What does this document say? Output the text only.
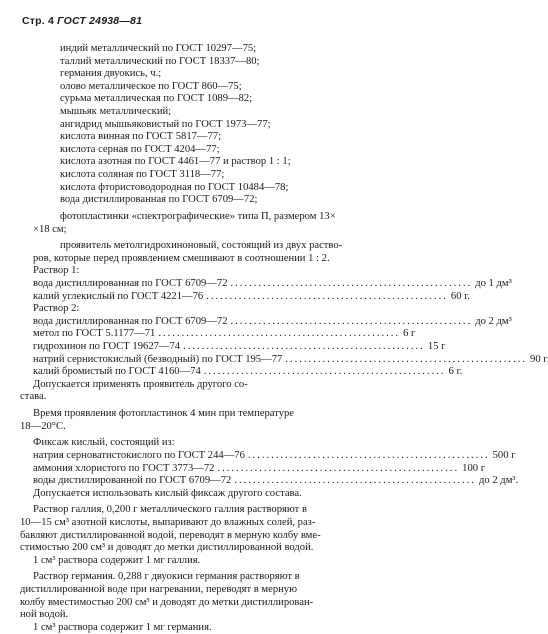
Стр. 4 ГОСТ 24938—81
индий металлический по ГОСТ 10297—75;
таллий металлический по ГОСТ 18337—80;
германия двуокись, ч.;
олово металлическое по ГОСТ 860—75;
сурьма металлическая по ГОСТ 1089—82;
мышьяк металлический;
ангидрид мышьяковистый по ГОСТ 1973—77;
кислота винная по ГОСТ 5817—77;
кислота серная по ГОСТ 4204—77;
кислота азотная по ГОСТ 4461—77 и раствор 1 : 1;
кислота соляная по ГОСТ 3118—77;
кислота фтористоводородная по ГОСТ 10484—78;
вода дистиллированная по ГОСТ 6709—72;
фотопластинки «спектрографические» типа П, размером 13×
×18 см;
проявитель метолгидрохиноновый, состоящий из двух раство-
ров, которые перед проявлением смешивают в соотношении 1 : 2.
Раствор 1:
вода дистиллированная по ГОСТ 6709—72 .................................................... до 1 дм³
калий углекислый по ГОСТ 4221—76 .................................................... 60 г.
Раствор 2:
вода дистиллированная по ГОСТ 6709—72 .................................................... до 2 дм³
метол по ГОСТ 5.1177—71 .................................................... 6 г
гидрохинон по ГОСТ 19627—74 .................................................... 15 г
натрий сернистокислый (безводный) по ГОСТ 195—77 .................................................... 90 г
калий бромистый по ГОСТ 4160—74 .................................................... 6 г.
Допускается применять проявитель другого со-
става.
Время проявления фотопластинок 4 мин при температуре
18—20°С.
Фиксаж кислый, состоящий из:
натрия серноватистокислого по ГОСТ 244—76 .................................................... 500 г
аммония хлористого по ГОСТ 3773—72 .................................................... 100 г
воды дистиллированной по ГОСТ 6709—72 .................................................... до 2 дм³.
Допускается использовать кислый фиксаж другого состава.
Раствор галлия, 0,200 г металлического галлия растворяют в
10—15 см³ азотной кислоты, выпаривают до влажных солей, раз-
бавляют дистиллированной водой, переводят в мерную колбу вме-
стимостью 200 см³ и доводят до метки дистиллированной водой.
1 см³ раствора содержит 1 мг галлия.
Раствор германия. 0,288 г двуокиси германия растворяют в
дистиллированной воде при нагревании, переводят в мерную
колбу вместимостью 200 см³ и доводят до метки дистиллирован-
ной водой.
1 см³ раствора содержит 1 мг германия.
